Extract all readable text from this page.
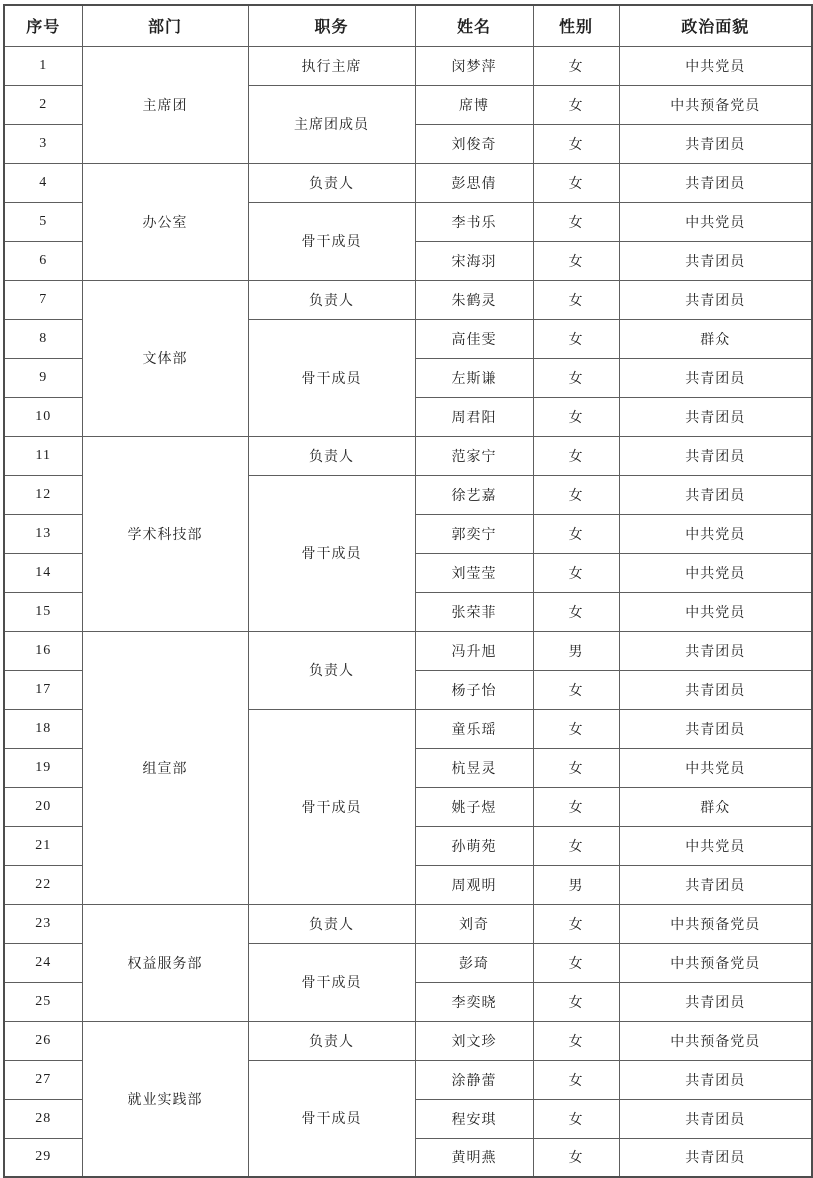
序号	部门	职务	姓名	性别	政治面貌
1	主席团	执行主席	闵梦萍	女	中共党员
2		主席团成员	席博	女	中共预备党员
3			刘俊奇	女	共青团员
4	办公室	负责人	彭思倩	女	共青团员
5		骨干成员	李书乐	女	中共党员
6			宋海羽	女	共青团员
7	文体部	负责人	朱鹤灵	女	共青团员
8		骨干成员	高佳雯	女	群众
9			左斯谦	女	共青团员
10			周君阳	女	共青团员
11	学术科技部	负责人	范家宁	女	共青团员
12		骨干成员	徐艺嘉	女	共青团员
13			郭奕宁	女	中共党员
14			刘莹莹	女	中共党员
15			张荣菲	女	中共党员
16	组宣部	负责人	冯升旭	男	共青团员
17			杨子怡	女	共青团员
18		骨干成员	童乐瑶	女	共青团员
19			杭昱灵	女	中共党员
20			姚子煜	女	群众
21			孙萌苑	女	中共党员
22			周观明	男	共青团员
23	权益服务部	负责人	刘奇	女	中共预备党员
24		骨干成员	彭琦	女	中共预备党员
25			李奕晓	女	共青团员
26	就业实践部	负责人	刘文珍	女	中共预备党员
27		骨干成员	涂静蕾	女	共青团员
28			程安琪	女	共青团员
29			黄明燕	女	共青团员
